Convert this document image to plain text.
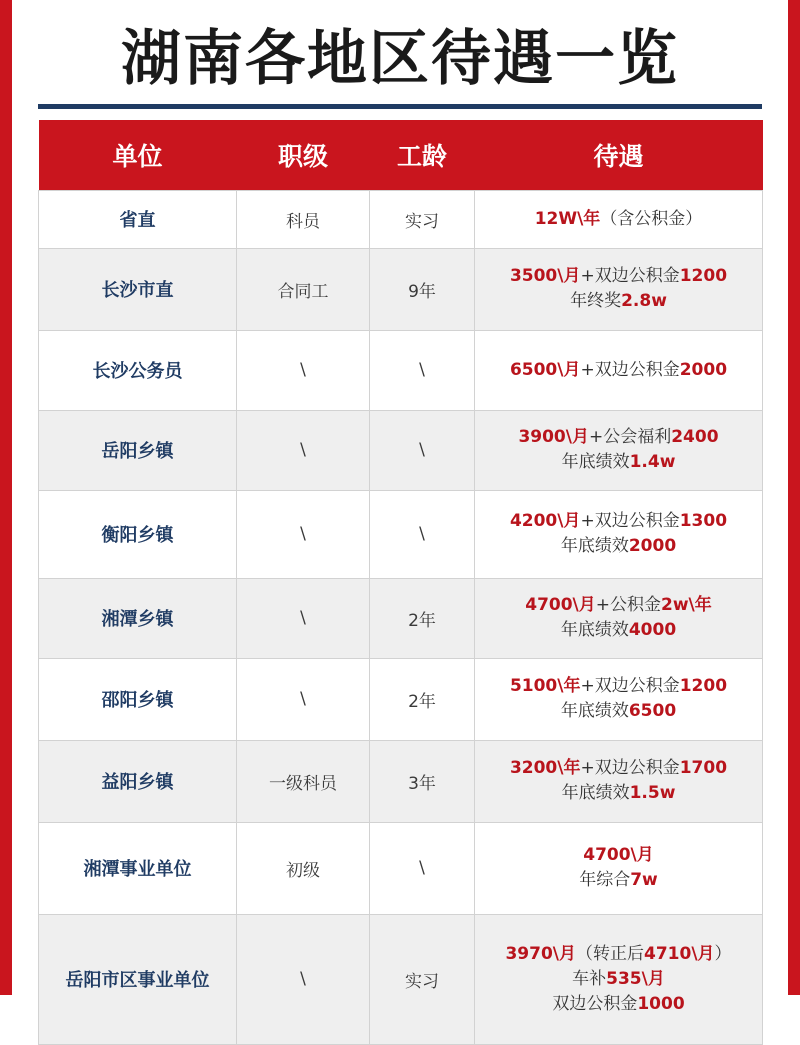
湖南各地区待遇一览
单位	职级	工龄	待遇
省直	科员	实习	12W\年（含公积金）

长沙市直	合同工	9年	3500\月+双边公积金1200
年终奖2.8w

长沙公务员	\	\	6500\月+双边公积金2000

岳阳乡镇	\	\	3900\月+公会福利2400
年底绩效1.4w

衡阳乡镇	\	\	4200\月+双边公积金1300
年底绩效2000

湘潭乡镇	\	2年	4700\月+公积金2w\年
年底绩效4000

邵阳乡镇	\	2年	5100\年+双边公积金1200
年底绩效6500

益阳乡镇	一级科员	3年	3200\年+双边公积金1700
年底绩效1.5w

湘潭事业单位	初级	\	4700\月
年综合7w

岳阳市区事业单位	\	实习	3970\月（转正后4710\月）
车补535\月
双边公积金1000
